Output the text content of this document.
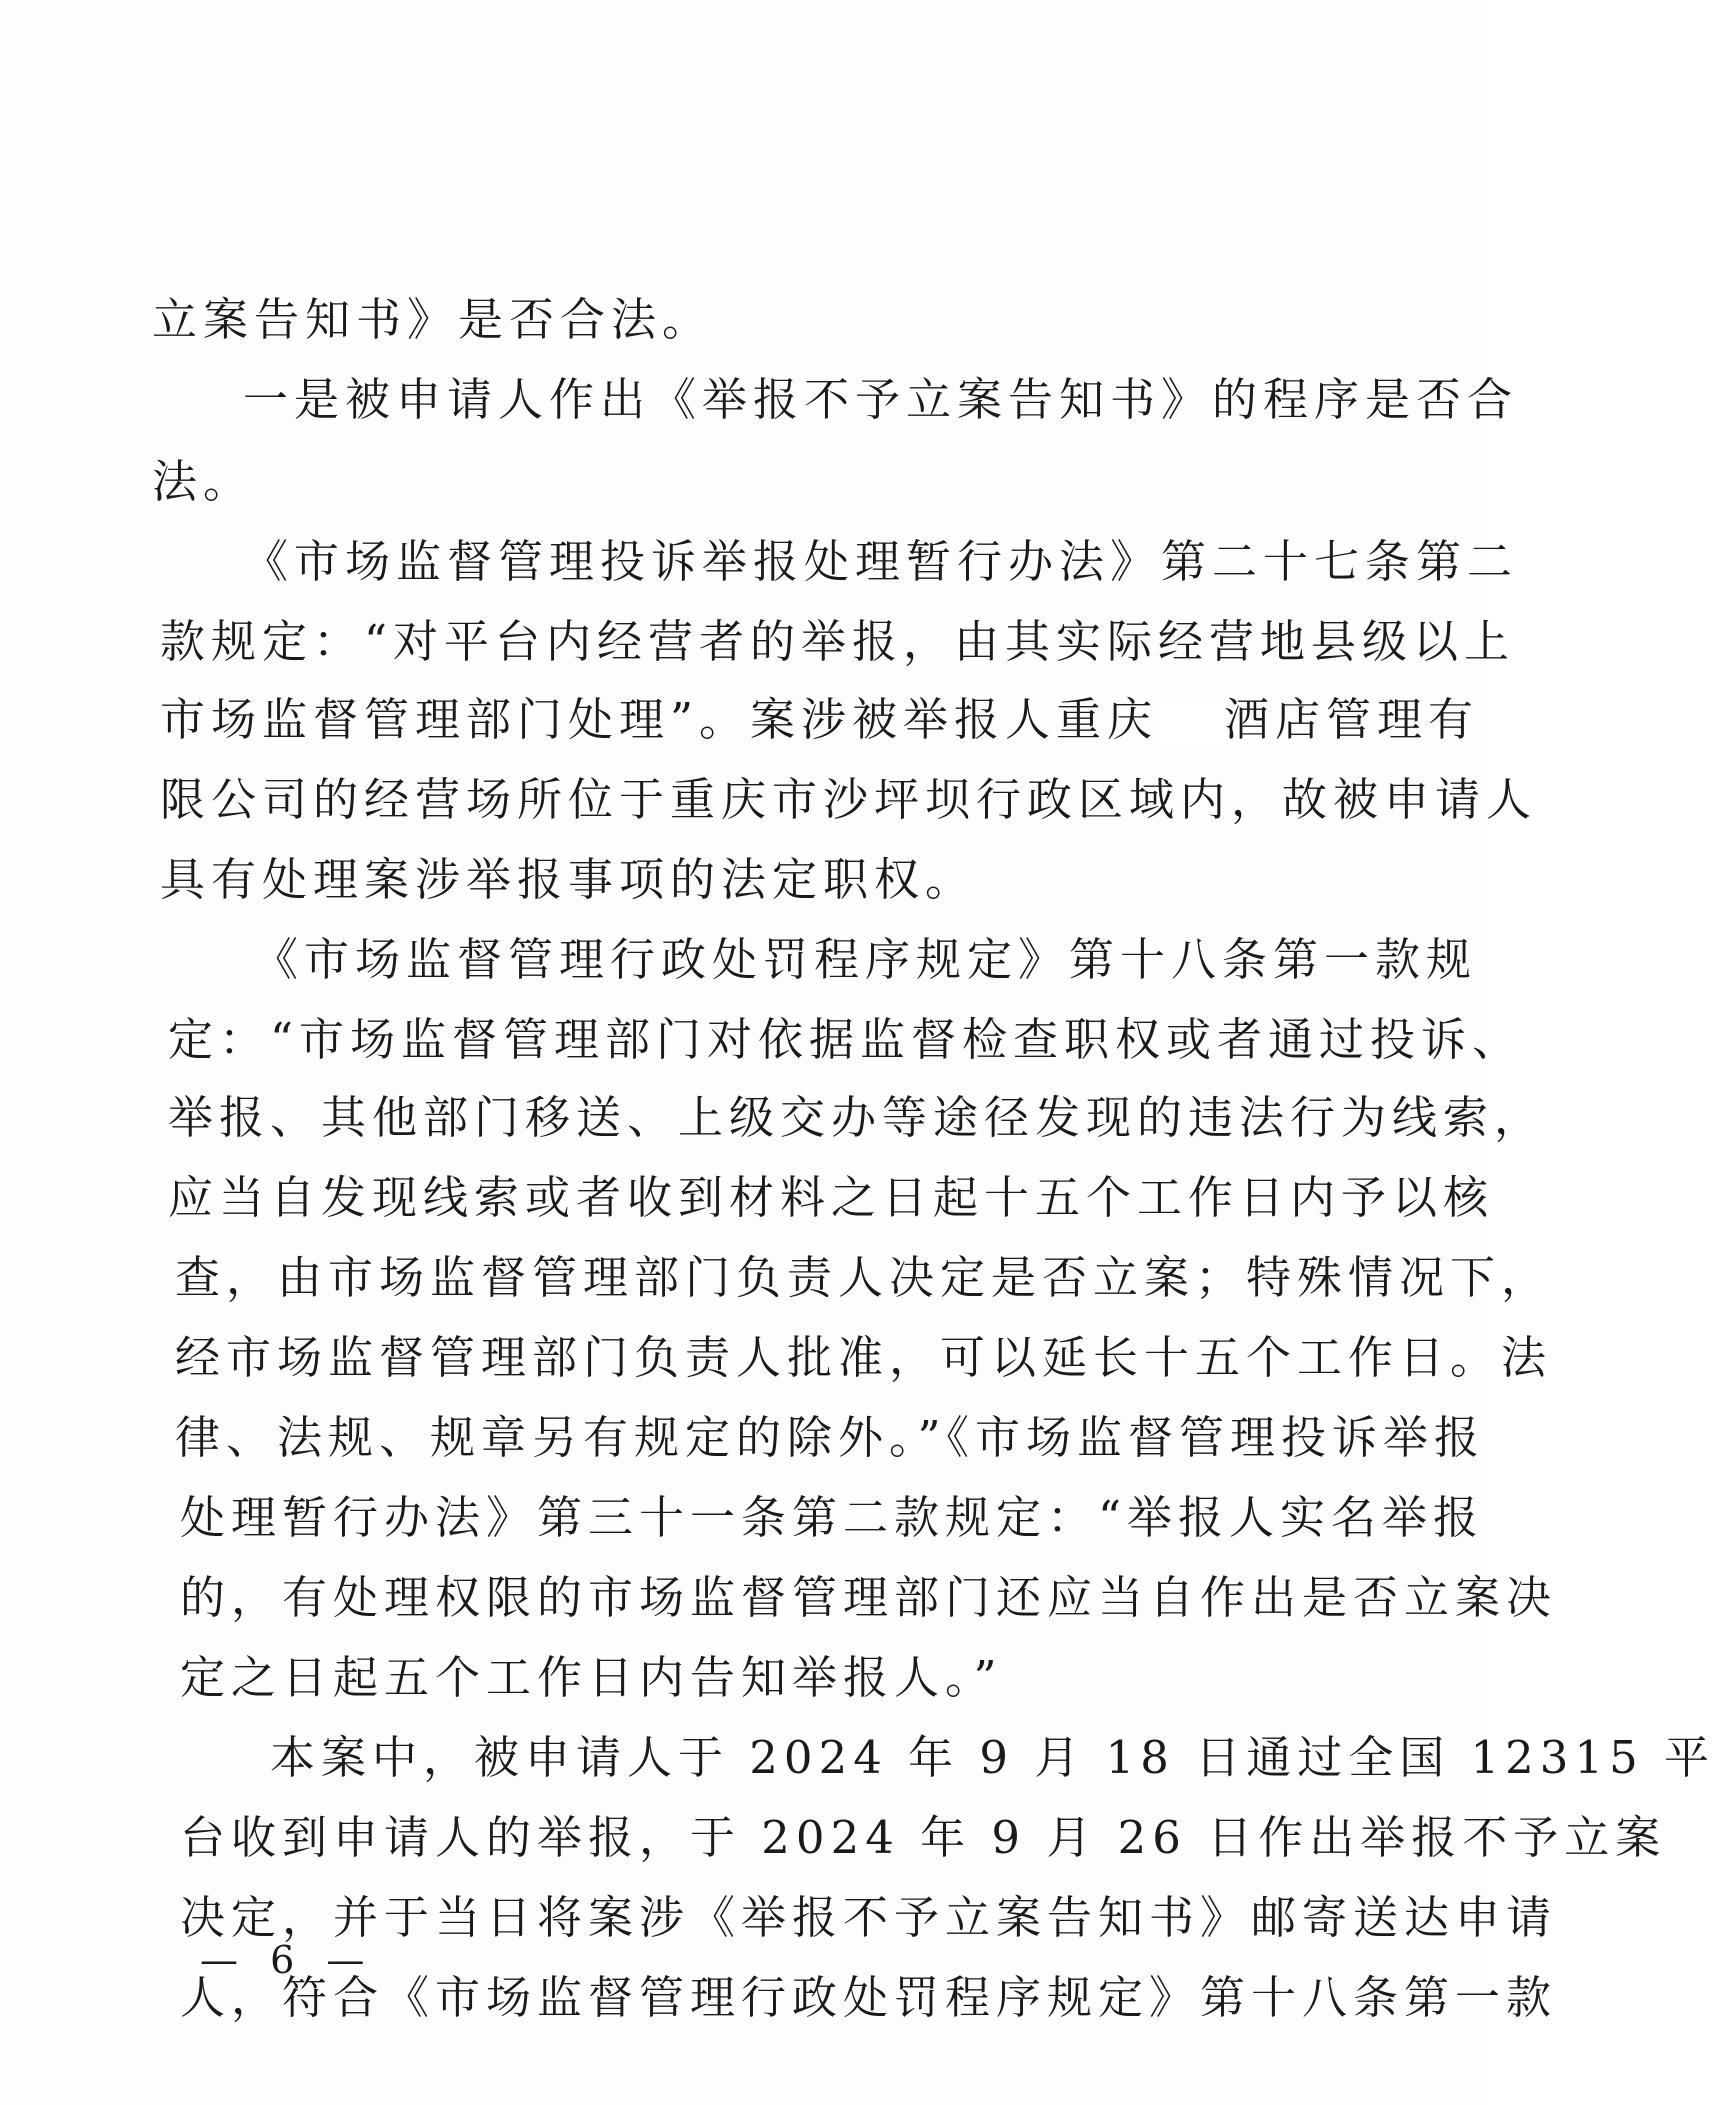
立案告知书》是否合法。
一是被申请人作出《举报不予立案告知书》的程序是否合
法。
《市场监督管理投诉举报处理暂行办法》第二十七条第二
款规定：“对平台内经营者的举报，由其实际经营地县级以上
市场监督管理部门处理”。案涉被举报人重庆 酒店管理有
限公司的经营场所位于重庆市沙坪坝行政区域内，故被申请人
具有处理案涉举报事项的法定职权。
《市场监督管理行政处罚程序规定》第十八条第一款规
定：“市场监督管理部门对依据监督检查职权或者通过投诉、
举报、其他部门移送、上级交办等途径发现的违法行为线索，
应当自发现线索或者收到材料之日起十五个工作日内予以核
查，由市场监督管理部门负责人决定是否立案；特殊情况下，
经市场监督管理部门负责人批准，可以延长十五个工作日。法
律、法规、规章另有规定的除外。”《市场监督管理投诉举报
处理暂行办法》第三十一条第二款规定：“举报人实名举报
的，有处理权限的市场监督管理部门还应当自作出是否立案决
定之日起五个工作日内告知举报人。”
本案中，被申请人于 2024 年 9 月 18 日通过全国 12315 平
台收到申请人的举报，于 2024 年 9 月 26 日作出举报不予立案
决定，并于当日将案涉《举报不予立案告知书》邮寄送达申请
人，符合《市场监督管理行政处罚程序规定》第十八条第一款
— 6 —
